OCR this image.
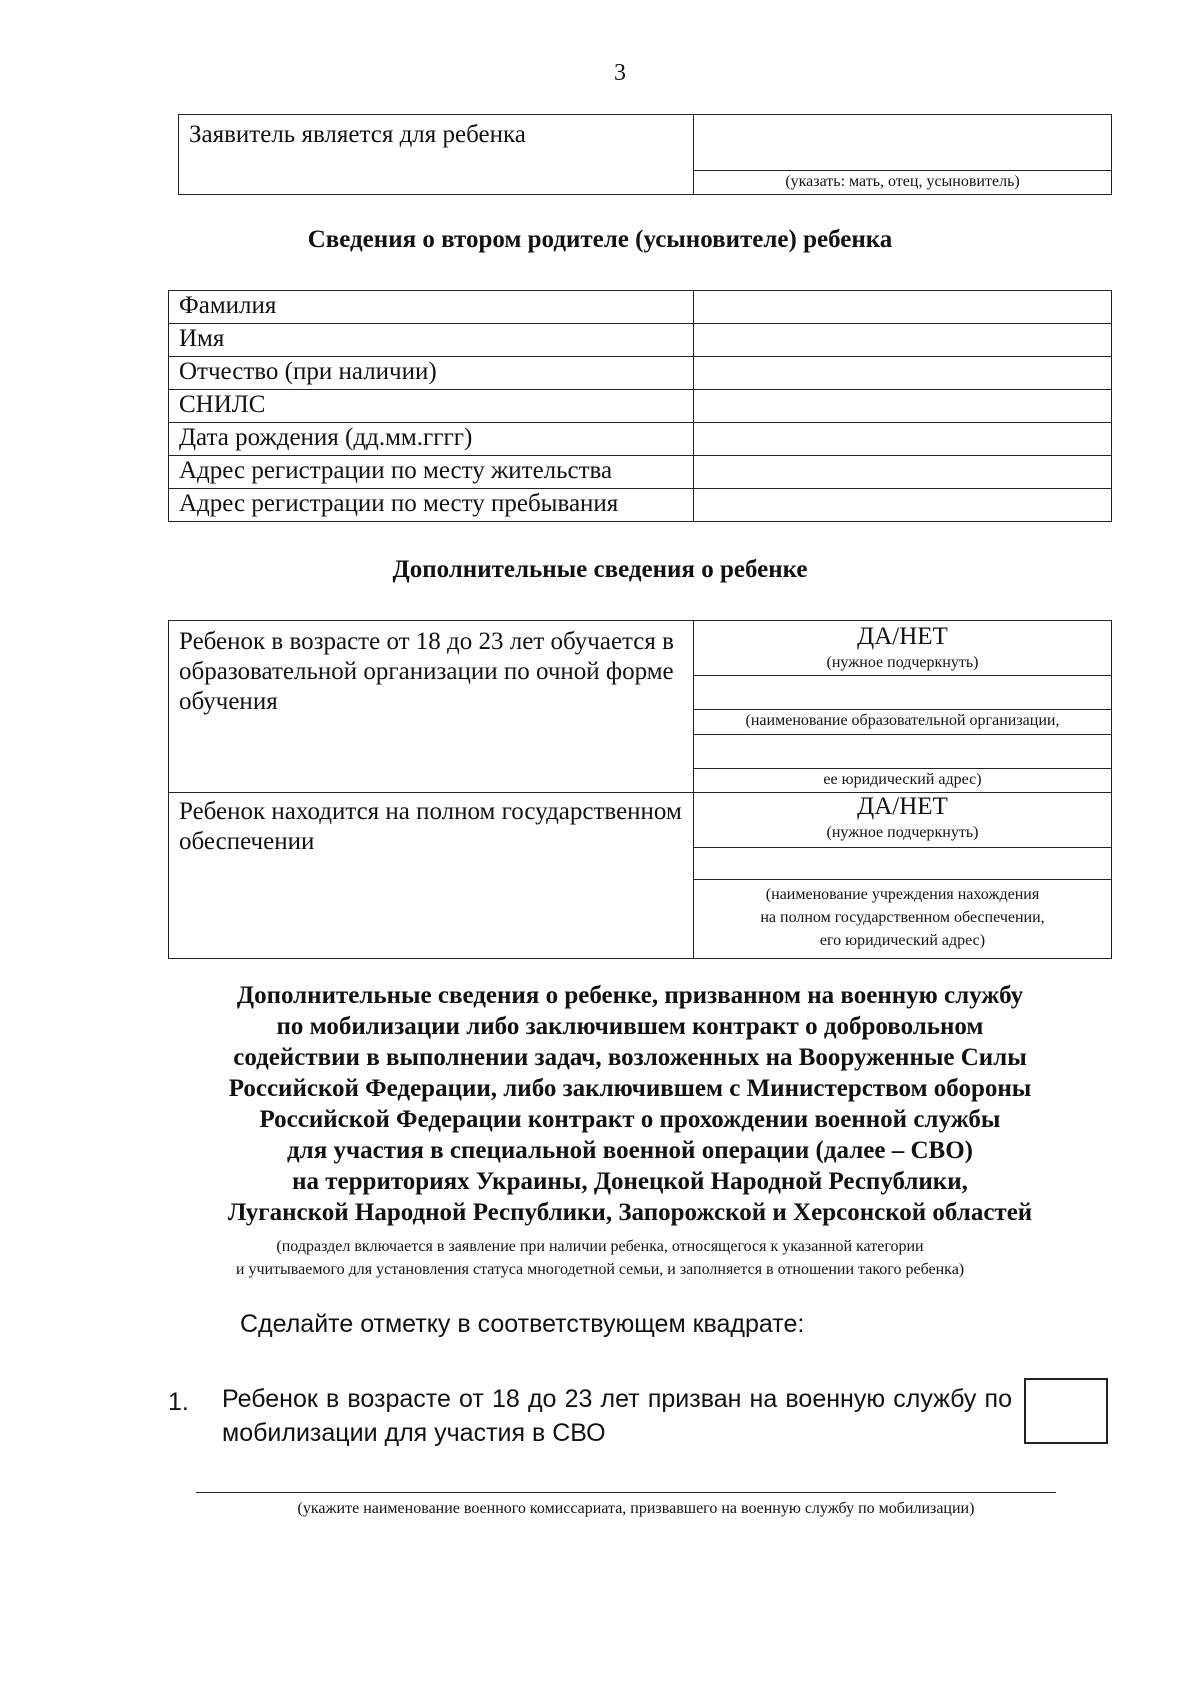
3
Заявитель является для ребенка

(указать: мать, отец, усыновитель)
Сведения о втором родителе (усыновителе) ребенка
Фамилия	
Имя	
Отчество (при наличии)	
СНИЛС	
Дата рождения (дд.мм.гггг)	
Адрес регистрации по месту жительства	
Адрес регистрации по месту пребывания	
Дополнительные сведения о ребенке
Ребенок в возрасте от 18 до 23 лет обучается в образовательной организации по очной форме обучения	ДА/НЕТ
(нужное подчеркнуть)
(наименование образовательной организации,
ее юридический адрес)

Ребенок находится на полном государственном обеспечении	ДА/НЕТ
(нужное подчеркнуть)
(наименование учреждения нахождения
на полном государственном обеспечении,
его юридический адрес)
Дополнительные сведения о ребенке, призванном на военную службу
по мобилизации либо заключившем контракт о добровольном
содействии в выполнении задач, возложенных на Вооруженные Силы
Российской Федерации, либо заключившем с Министерством обороны
Российской Федерации контракт о прохождении военной службы
для участия в специальной военной операции (далее – СВО)
на территориях Украины, Донецкой Народной Республики,
Луганской Народной Республики, Запорожской и Херсонской областей
(подраздел включается в заявление при наличии ребенка, относящегося к указанной категории
и учитываемого для установления статуса многодетной семьи, и заполняется в отношении такого ребенка)
Сделайте отметку в соответствующем квадрате:
1. Ребенок в возрасте от 18 до 23 лет призван на военную службу по мобилизации для участия в СВО
(укажите наименование военного комиссариата, призвавшего на военную службу по мобилизации)
